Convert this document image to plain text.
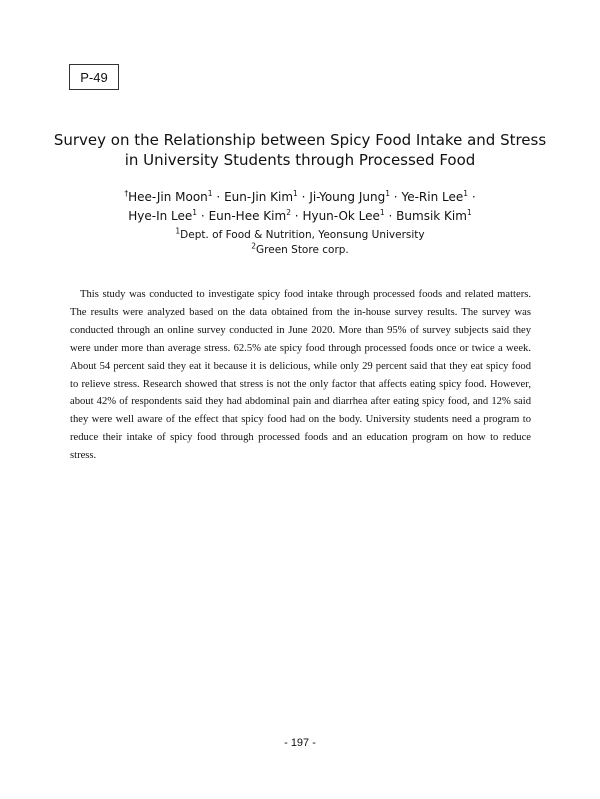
P-49
Survey on the Relationship between Spicy Food Intake and Stress
in University Students through Processed Food
†Hee-Jin Moon$^1$ · Eun-Jin Kim$^1$ · Ji-Young Jung$^1$ · Ye-Rin Lee$^1$ ·
Hye-In Lee$^1$ · Eun-Hee Kim$^2$ · Hyun-Ok Lee$^1$ · Bumsik Kim$^1$
$^1$Dept. of Food & Nutrition, Yeonsung University
$^2$Green Store corp.

This study was conducted to investigate spicy food intake through processed foods and related matters. The results were analyzed based on the data obtained from the in-house survey results. The survey was conducted through an online survey conducted in June 2020. More than 95% of survey subjects said they were under more than average stress. 62.5% ate spicy food through processed foods once or twice a week. About 54 percent said they eat it because it is delicious, while only 29 percent said that they eat spicy food to relieve stress. Research showed that stress is not the only factor that affects eating spicy food. However, about 42% of respondents said they had abdominal pain and diarrhea after eating spicy food, and 12% said they were well aware of the effect that spicy food had on the body. University students need a program to reduce their intake of spicy food through processed foods and an education program on how to reduce stress.

- 197 -
